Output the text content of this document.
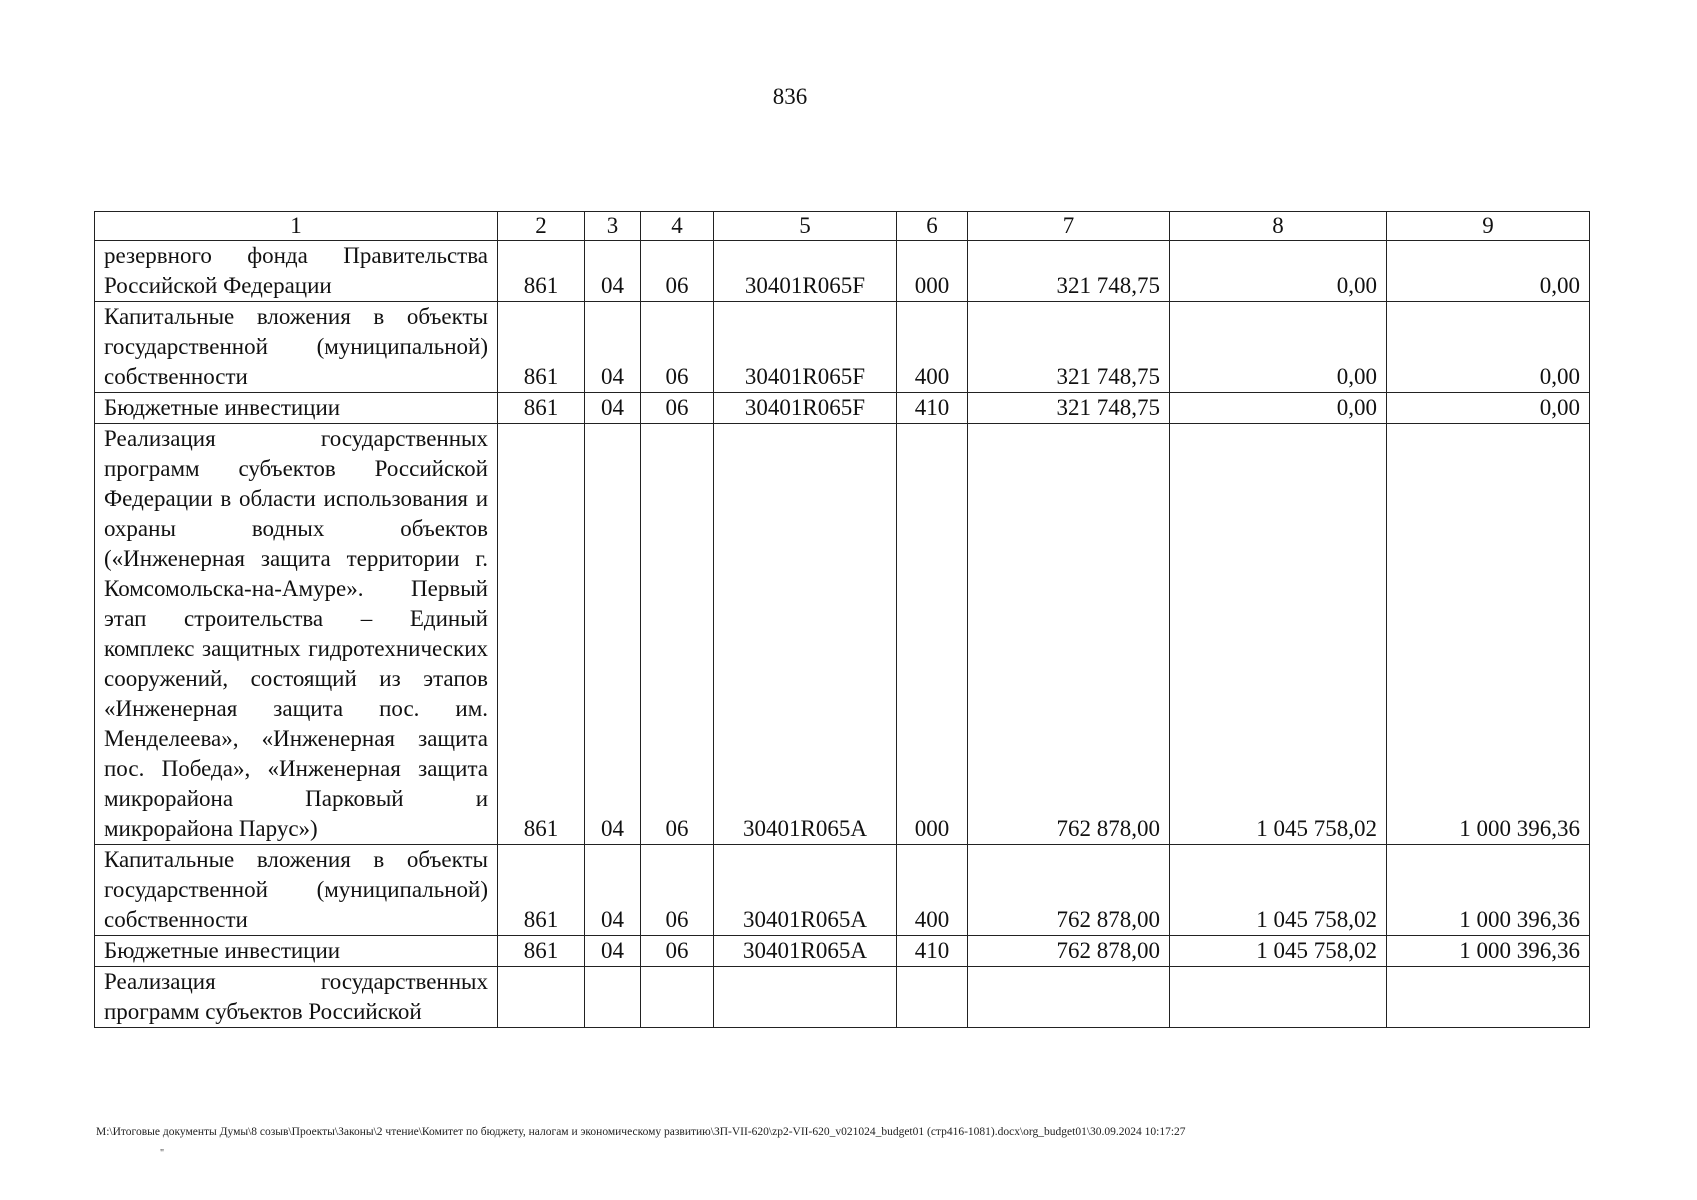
836
1	2	3	4	5	6	7	8	9
резервного фонда Правительства Российской Федерации	861	04	06	30401R065F	000	321 748,75	0,00	0,00
Капитальные вложения в объекты государственной (муниципальной) собственности	861	04	06	30401R065F	400	321 748,75	0,00	0,00
Бюджетные инвестиции	861	04	06	30401R065F	410	321 748,75	0,00	0,00
Реализация государственных программ субъектов Российской Федерации в области использования и охраны водных объектов («Инженерная защита территории г. Комсомольска-на-Амуре». Первый этап строительства – Единый комплекс защитных гидротехнических сооружений, состоящий из этапов «Инженерная защита пос. им. Менделеева», «Инженерная защита пос. Победа», «Инженерная защита микрорайона Парковый и микрорайона Парус»)	861	04	06	30401R065A	000	762 878,00	1 045 758,02	1 000 396,36
Капитальные вложения в объекты государственной (муниципальной) собственности	861	04	06	30401R065A	400	762 878,00	1 045 758,02	1 000 396,36
Бюджетные инвестиции	861	04	06	30401R065A	410	762 878,00	1 045 758,02	1 000 396,36
Реализация государственных программ субъектов Российской								
M:\Итоговые документы Думы\8 созыв\Проекты\Законы\2 чтение\Комитет по бюджету, налогам и экономическому развитию\ЗП-VII-620\zp2-VII-620_v021024_budget01 (стр416-1081).docx\org_budget01\30.09.2024 10:17:27
"
